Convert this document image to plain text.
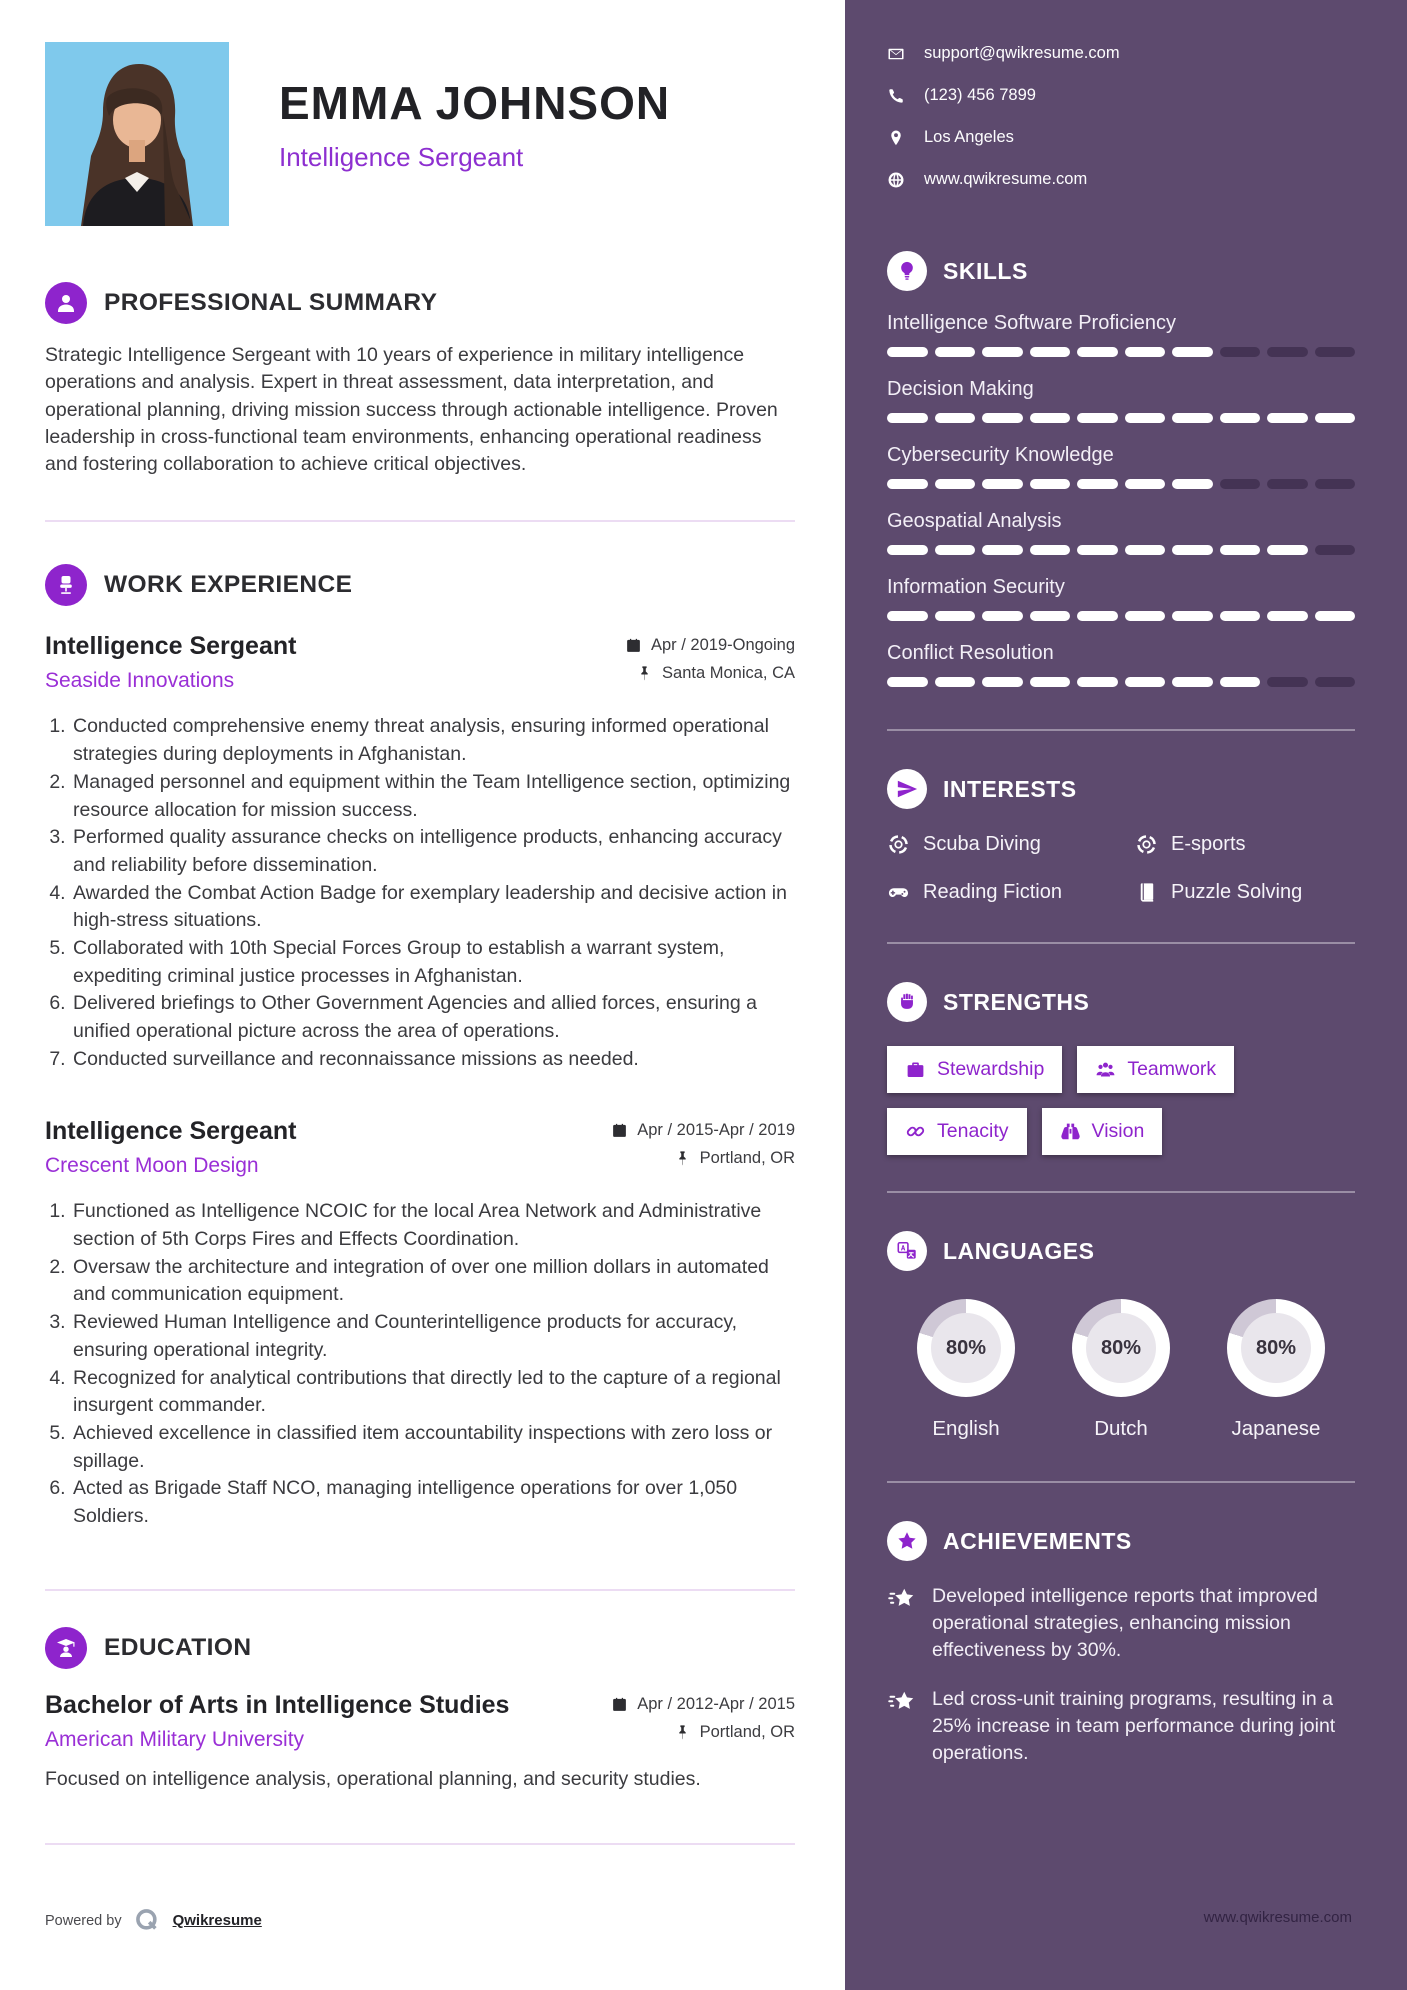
EMMA JOHNSON
Intelligence Sergeant
PROFESSIONAL SUMMARY

Strategic Intelligence Sergeant with 10 years of experience in military intelligence operations and analysis. Expert in threat assessment, data interpretation, and operational planning, driving mission success through actionable intelligence. Proven leadership in cross-functional team environments, enhancing operational readiness and fostering collaboration to achieve critical objectives.

WORK EXPERIENCE
Intelligence Sergeant
Seaside Innovations
Apr / 2019-Ongoing
Santa Monica, CA
1. Conducted comprehensive enemy threat analysis, ensuring informed operational strategies during deployments in Afghanistan.
2. Managed personnel and equipment within the Team Intelligence section, optimizing resource allocation for mission success.
3. Performed quality assurance checks on intelligence products, enhancing accuracy and reliability before dissemination.
4. Awarded the Combat Action Badge for exemplary leadership and decisive action in high-stress situations.
5. Collaborated with 10th Special Forces Group to establish a warrant system, expediting criminal justice processes in Afghanistan.
6. Delivered briefings to Other Government Agencies and allied forces, ensuring a unified operational picture across the area of operations.
7. Conducted surveillance and reconnaissance missions as needed.
Intelligence Sergeant
Crescent Moon Design
Apr / 2015-Apr / 2019
Portland, OR
1. Functioned as Intelligence NCOIC for the local Area Network and Administrative section of 5th Corps Fires and Effects Coordination.
2. Oversaw the architecture and integration of over one million dollars in automated and communication equipment.
3. Reviewed Human Intelligence and Counterintelligence products for accuracy, ensuring operational integrity.
4. Recognized for analytical contributions that directly led to the capture of a regional insurgent commander.
5. Achieved excellence in classified item accountability inspections with zero loss or spillage.
6. Acted as Brigade Staff NCO, managing intelligence operations for over 1,050 Soldiers.
EDUCATION
Bachelor of Arts in Intelligence Studies
American Military University
Apr / 2012-Apr / 2015
Portland, OR

Focused on intelligence analysis, operational planning, and security studies.

Powered by	Qwikresume
support@qwikresume.com
(123) 456 7899
Los Angeles
www.qwikresume.com
SKILLS
Intelligence Software Proficiency
Decision Making
Cybersecurity Knowledge
Geospatial Analysis
Information Security
Conflict Resolution
INTERESTS
Scuba Diving	E-sports
Reading Fiction	Puzzle Solving
STRENGTHS
Stewardship	Teamwork
Tenacity	Vision
LANGUAGES
80%
English
80%
Dutch
80%
Japanese
ACHIEVEMENTS
Developed intelligence reports that improved operational strategies, enhancing mission effectiveness by 30%.
Led cross-unit training programs, resulting in a 25% increase in team performance during joint operations.
www.qwikresume.com
